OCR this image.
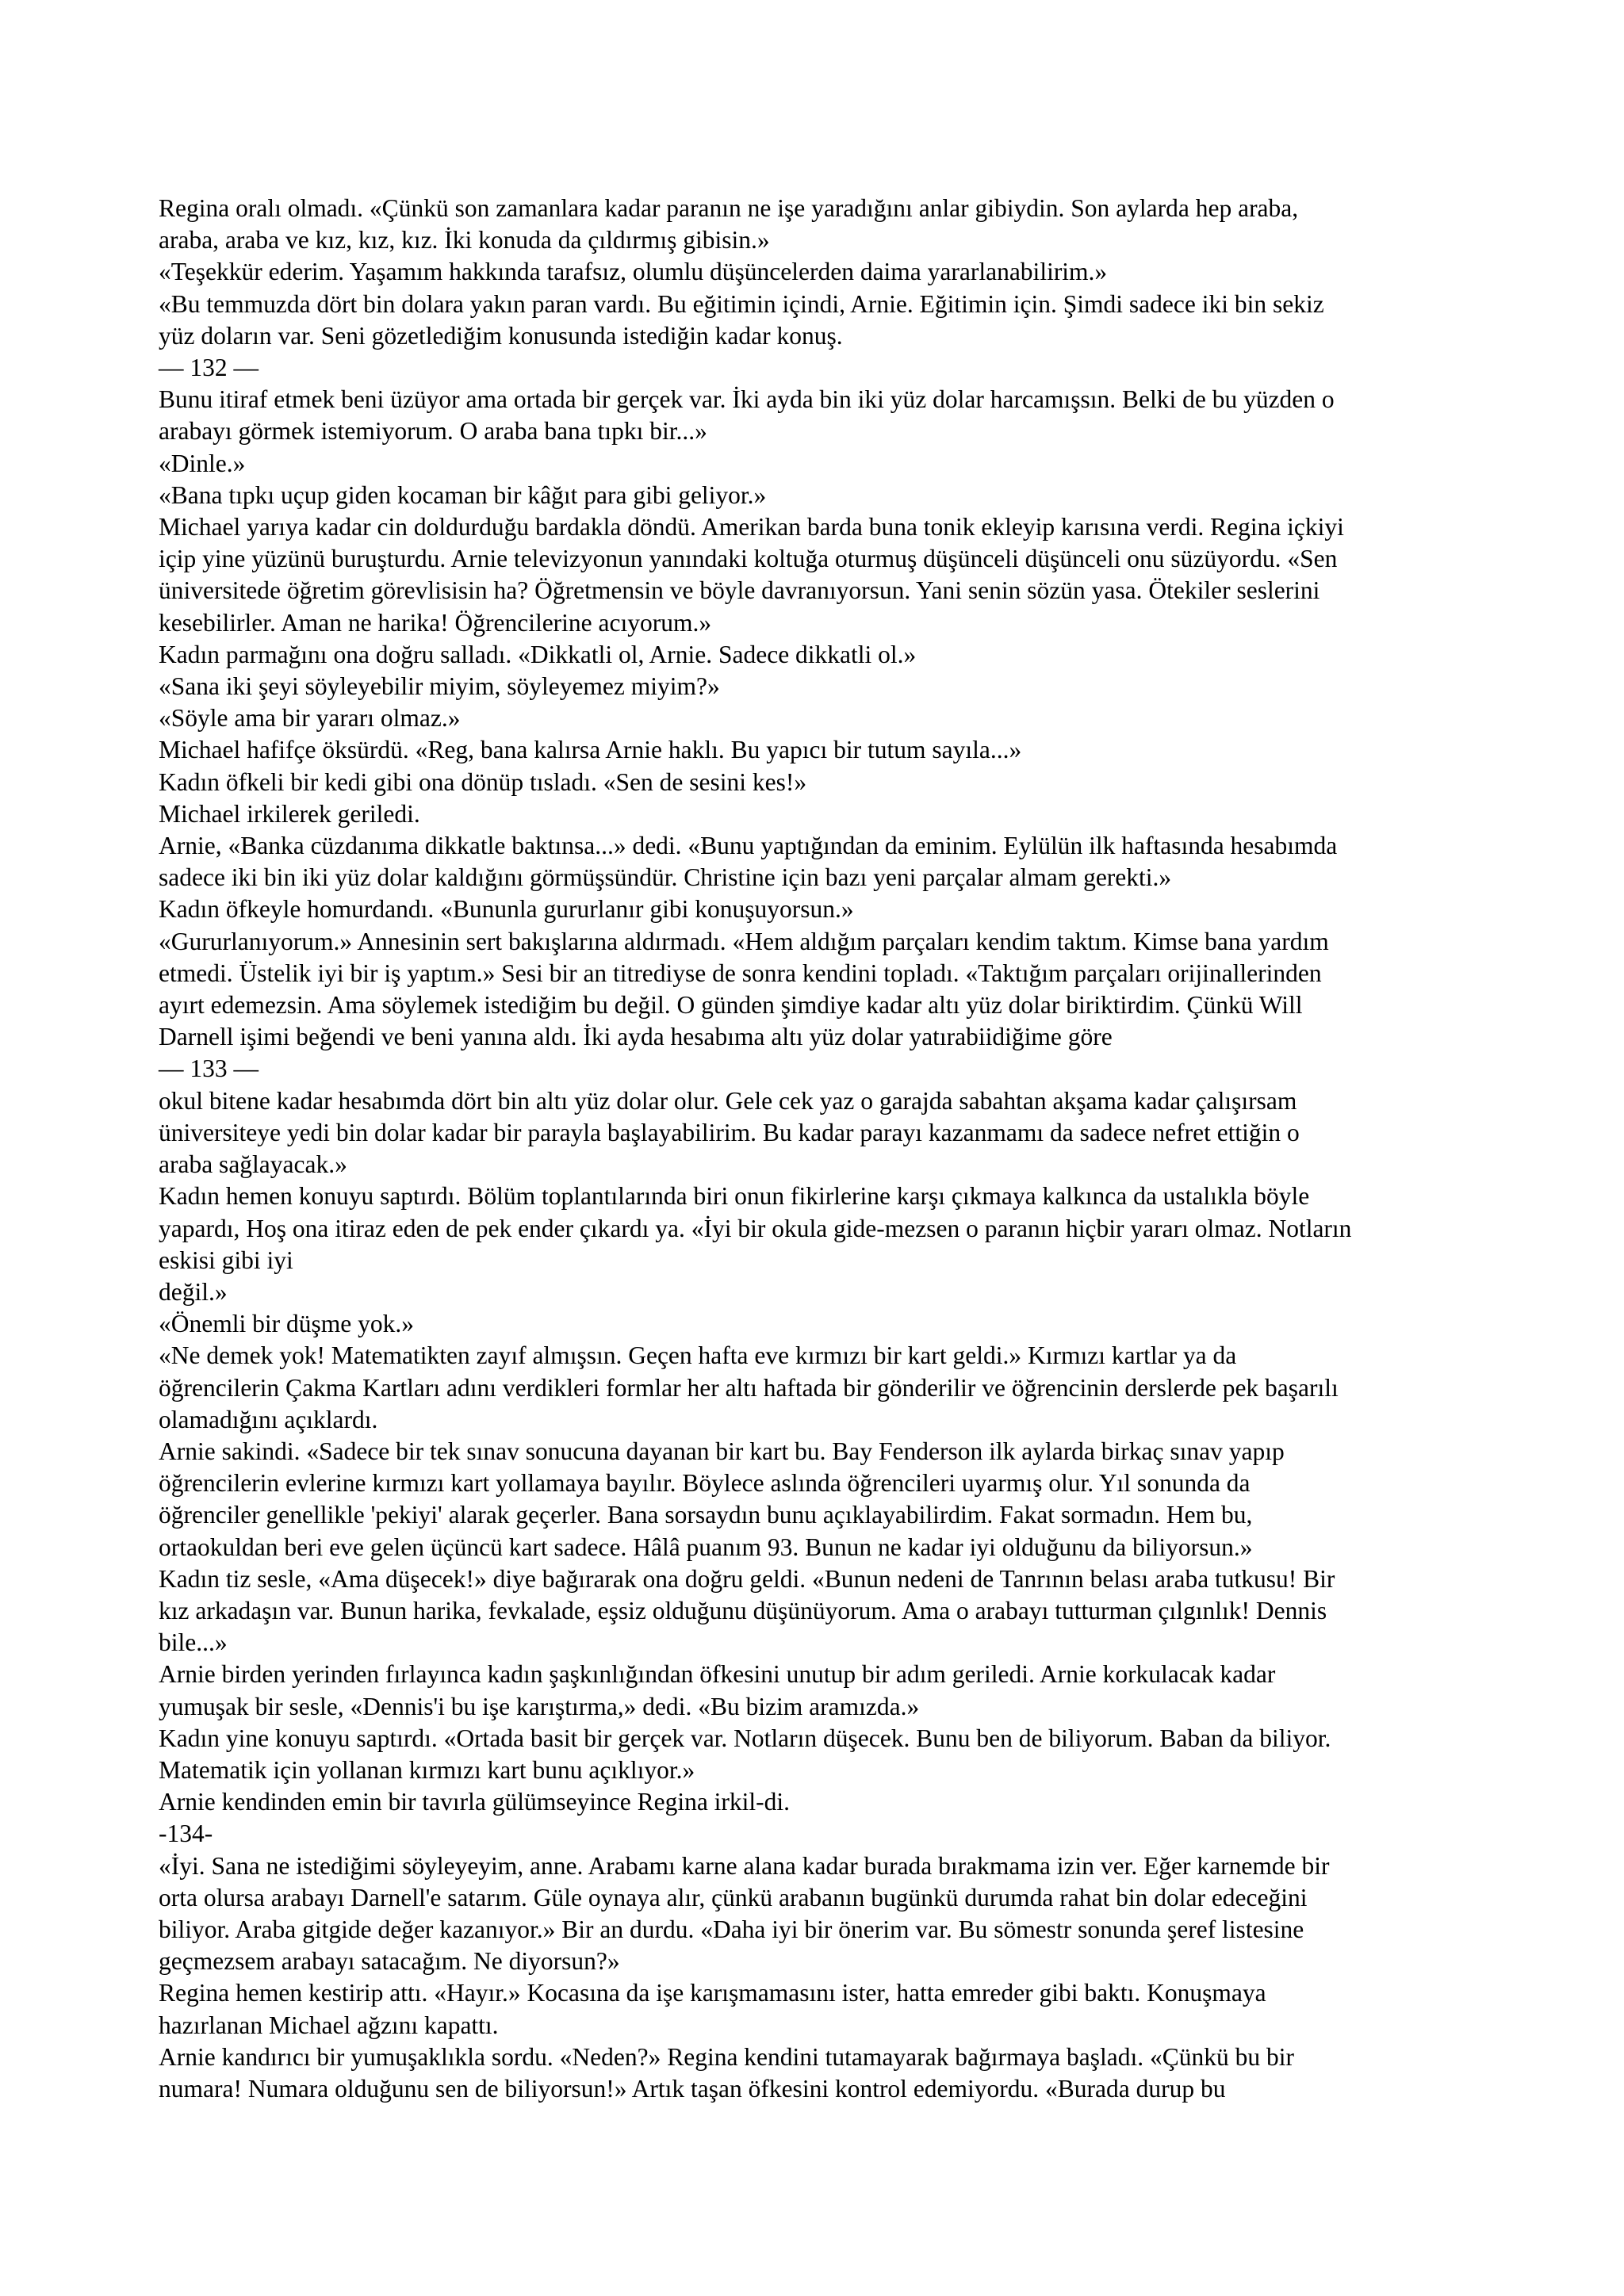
Regina oralı olmadı. «Çünkü son zamanlara kadar paranın ne işe yaradığını anlar gibiydin. Son aylarda hep araba,

araba, araba ve kız, kız, kız. İki konuda da çıldırmış gibisin.»

«Teşekkür ederim. Yaşamım hakkında tarafsız, olumlu düşüncelerden daima yararlanabilirim.»

«Bu temmuzda dört bin dolara yakın paran vardı. Bu eğitimin içindi, Arnie. Eğitimin için. Şimdi sadece iki bin sekiz

yüz doların var. Seni gözetlediğim konusunda istediğin kadar konuş.

— 132 —

Bunu itiraf etmek beni üzüyor ama ortada bir gerçek var. İki ayda bin iki yüz dolar harcamışsın. Belki de bu yüzden o

arabayı görmek istemiyorum. O araba bana tıpkı bir...»

«Dinle.»

«Bana tıpkı uçup giden kocaman bir kâğıt para gibi geliyor.»

Michael yarıya kadar cin doldurduğu bardakla döndü. Amerikan barda buna tonik ekleyip karısına verdi. Regina içkiyi

içip yine yüzünü buruşturdu. Arnie televizyonun yanındaki koltuğa oturmuş düşünceli düşünceli onu süzüyordu. «Sen

üniversitede öğretim görevlisisin ha? Öğretmensin ve böyle davranıyorsun. Yani senin sözün yasa. Ötekiler seslerini

kesebilirler. Aman ne harika! Öğrencilerine acıyorum.»

Kadın parmağını ona doğru salladı. «Dikkatli ol, Arnie. Sadece dikkatli ol.»

«Sana iki şeyi söyleyebilir miyim, söyleyemez miyim?»

«Söyle ama bir yararı olmaz.»

Michael hafifçe öksürdü. «Reg, bana kalırsa Arnie haklı. Bu yapıcı bir tutum sayıla...»

Kadın öfkeli bir kedi gibi ona dönüp tısladı. «Sen de sesini kes!»

Michael irkilerek geriledi.

Arnie, «Banka cüzdanıma dikkatle baktınsa...» dedi. «Bunu yaptığından da eminim. Eylülün ilk haftasında hesabımda

sadece iki bin iki yüz dolar kaldığını görmüşsündür. Christine için bazı yeni parçalar almam gerekti.»

Kadın öfkeyle homurdandı. «Bununla gururlanır gibi konuşuyorsun.»

«Gururlanıyorum.» Annesinin sert bakışlarına aldırmadı. «Hem aldığım parçaları kendim taktım. Kimse bana yardım

etmedi. Üstelik iyi bir iş yaptım.» Sesi bir an titrediyse de sonra kendini topladı. «Taktığım parçaları orijinallerinden

ayırt edemezsin. Ama söylemek istediğim bu değil. O günden şimdiye kadar altı yüz dolar biriktirdim. Çünkü Will

Darnell işimi beğendi ve beni yanına aldı. İki ayda hesabıma altı yüz dolar yatırabiidiğime göre

— 133 —

okul bitene kadar hesabımda dört bin altı yüz dolar olur. Gele cek yaz o garajda sabahtan akşama kadar çalışırsam

üniversiteye yedi bin dolar kadar bir parayla başlayabilirim. Bu kadar parayı kazanmamı da sadece nefret ettiğin o

araba sağlayacak.»

Kadın hemen konuyu saptırdı. Bölüm toplantılarında biri onun fikirlerine karşı çıkmaya kalkınca da ustalıkla böyle

yapardı, Hoş ona itiraz eden de pek ender çıkardı ya. «İyi bir okula gide-mezsen o paranın hiçbir yararı olmaz. Notların

eskisi gibi iyi

değil.»

«Önemli bir düşme yok.»

«Ne demek yok! Matematikten zayıf almışsın. Geçen hafta eve kırmızı bir kart geldi.» Kırmızı kartlar ya da

öğrencilerin Çakma Kartları adını verdikleri formlar her altı haftada bir gönderilir ve öğrencinin derslerde pek başarılı

olamadığını açıklardı.

Arnie sakindi. «Sadece bir tek sınav sonucuna dayanan bir kart bu. Bay Fenderson ilk aylarda birkaç sınav yapıp

öğrencilerin evlerine kırmızı kart yollamaya bayılır. Böylece aslında öğrencileri uyarmış olur. Yıl sonunda da

öğrenciler genellikle 'pekiyi' alarak geçerler. Bana sorsaydın bunu açıklayabilirdim. Fakat sormadın. Hem bu,

ortaokuldan beri eve gelen üçüncü kart sadece. Hâlâ puanım 93. Bunun ne kadar iyi olduğunu da biliyorsun.»

Kadın tiz sesle, «Ama düşecek!» diye bağırarak ona doğru geldi. «Bunun nedeni de Tanrının belası araba tutkusu! Bir

kız arkadaşın var. Bunun harika, fevkalade, eşsiz olduğunu düşünüyorum. Ama o arabayı tutturman çılgınlık! Dennis

bile...»

Arnie birden yerinden fırlayınca kadın şaşkınlığından öfkesini unutup bir adım geriledi. Arnie korkulacak kadar

yumuşak bir sesle, «Dennis'i bu işe karıştırma,» dedi. «Bu bizim aramızda.»

Kadın yine konuyu saptırdı. «Ortada basit bir gerçek var. Notların düşecek. Bunu ben de biliyorum. Baban da biliyor.

Matematik için yollanan kırmızı kart bunu açıklıyor.»

Arnie kendinden emin bir tavırla gülümseyince Regina irkil-di.

-134-

«İyi. Sana ne istediğimi söyleyeyim, anne. Arabamı karne alana kadar burada bırakmama izin ver. Eğer karnemde bir

orta olursa arabayı Darnell'e satarım. Güle oynaya alır, çünkü arabanın bugünkü durumda rahat bin dolar edeceğini

biliyor. Araba gitgide değer kazanıyor.» Bir an durdu. «Daha iyi bir önerim var. Bu sömestr sonunda şeref listesine

geçmezsem arabayı satacağım. Ne diyorsun?»

Regina hemen kestirip attı. «Hayır.» Kocasına da işe karışmamasını ister, hatta emreder gibi baktı. Konuşmaya

hazırlanan Michael ağzını kapattı.

Arnie kandırıcı bir yumuşaklıkla sordu. «Neden?» Regina kendini tutamayarak bağırmaya başladı. «Çünkü bu bir

numara! Numara olduğunu sen de biliyorsun!» Artık taşan öfkesini kontrol edemiyordu. «Burada durup bu
